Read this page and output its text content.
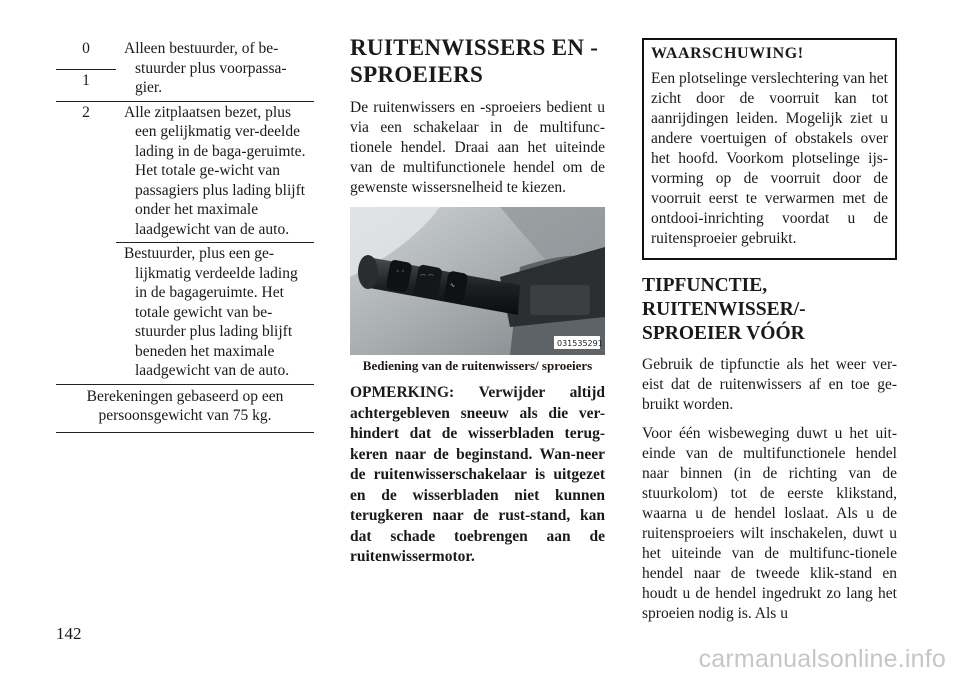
0	Alleen bestuurder, of be-stuurder plus voorpassa-gier.

1	
2	Alle zitplaatsen bezet, plus een gelijkmatig ver-deelde lading in de baga-geruimte. Het totale ge-wicht van passagiers plus lading blijft onder het maximale laadgewicht van de auto.

	Bestuurder, plus een ge-lijkmatig verdeelde lading in de bagageruimte. Het totale gewicht van be-stuurder plus lading blijft beneden het maximale laadgewicht van de auto.

Berekeningen gebaseerd op een persoonsgewicht van 75 kg.	
RUITENWISSERS EN -SPROEIERS

De ruitenwissers en -sproeiers bedient u via een schakelaar in de multifunc-tionele hendel. Draai aan het uiteinde van de multifunctionele hendel om de gewenste wissersnelheid te kiezen.

◦ ◦
⌒ ⌒
∿
031535291

Bediening van de ruitenwissers/ sproeiers

OPMERKING: Verwijder altijd achtergebleven sneeuw als die ver-hindert dat de wisserbladen terug-keren naar de beginstand. Wan-neer de ruitenwisserschakelaar is uitgezet en de wisserbladen niet kunnen terugkeren naar de rust-stand, kan dat schade toebrengen aan de ruitenwissermotor.

WAARSCHUWING!

Een plotselinge verslechtering van het zicht door de voorruit kan tot aanrijdingen leiden. Mogelijk ziet u andere voertuigen of obstakels over het hoofd. Voorkom plotselinge ijs-vorming op de voorruit door de voorruit eerst te verwarmen met de ontdooi-inrichting voordat u de ruitensproeier gebruikt.

TIPFUNCTIE, RUITENWISSER/-SPROEIER VÓÓR

Gebruik de tipfunctie als het weer ver-eist dat de ruitenwissers af en toe ge-bruikt worden.

Voor één wisbeweging duwt u het uit-einde van de multifunctionele hendel naar binnen (in de richting van de stuurkolom) tot de eerste klikstand, waarna u de hendel loslaat. Als u de ruitensproeiers wilt inschakelen, duwt u het uiteinde van de multifunc-tionele hendel naar de tweede klik-stand en houdt u de hendel ingedrukt zo lang het sproeien nodig is. Als u

142
carmanualsonline.info
